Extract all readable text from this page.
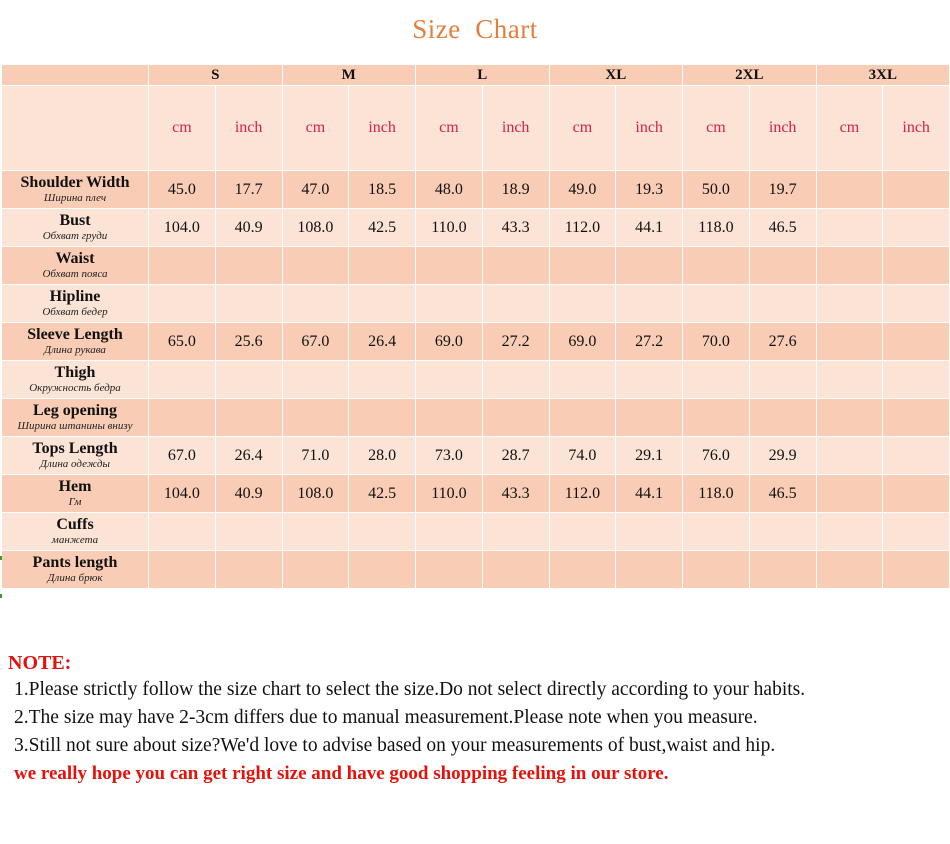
Size  Chart
	S		M		L		XL		2XL		3XL	
	cm	inch	cm	inch	cm	inch	cm	inch	cm	inch	cm	inch

Shoulder Width
Ширина плеч	45.0	17.7	47.0	18.5	48.0	18.9	49.0	19.3	50.0	19.7		

Bust
Обхват груди	104.0	40.9	108.0	42.5	110.0	43.3	112.0	44.1	118.0	46.5		

Waist
Обхват пояса												

Hipline
Обхват бедер												

Sleeve Length
Длина рукава	65.0	25.6	67.0	26.4	69.0	27.2	69.0	27.2	70.0	27.6		

Thigh
Окружность бедра												

Leg opening
Ширина штанины внизу												

Tops Length
Длина одежды	67.0	26.4	71.0	28.0	73.0	28.7	74.0	29.1	76.0	29.9		

Hem
Гм	104.0	40.9	108.0	42.5	110.0	43.3	112.0	44.1	118.0	46.5		

Cuffs
манжета												

Pants length
Длина брюк												

NOTE:
1.Please strictly follow the size chart to select the size.Do not select directly according to your habits.
2.The size may have 2-3cm differs due to manual measurement.Please note when you measure.
3.Still not sure about size?We'd love to advise based on your measurements of bust,waist and hip.
we really hope you can get right size and have good shopping feeling in our store.
